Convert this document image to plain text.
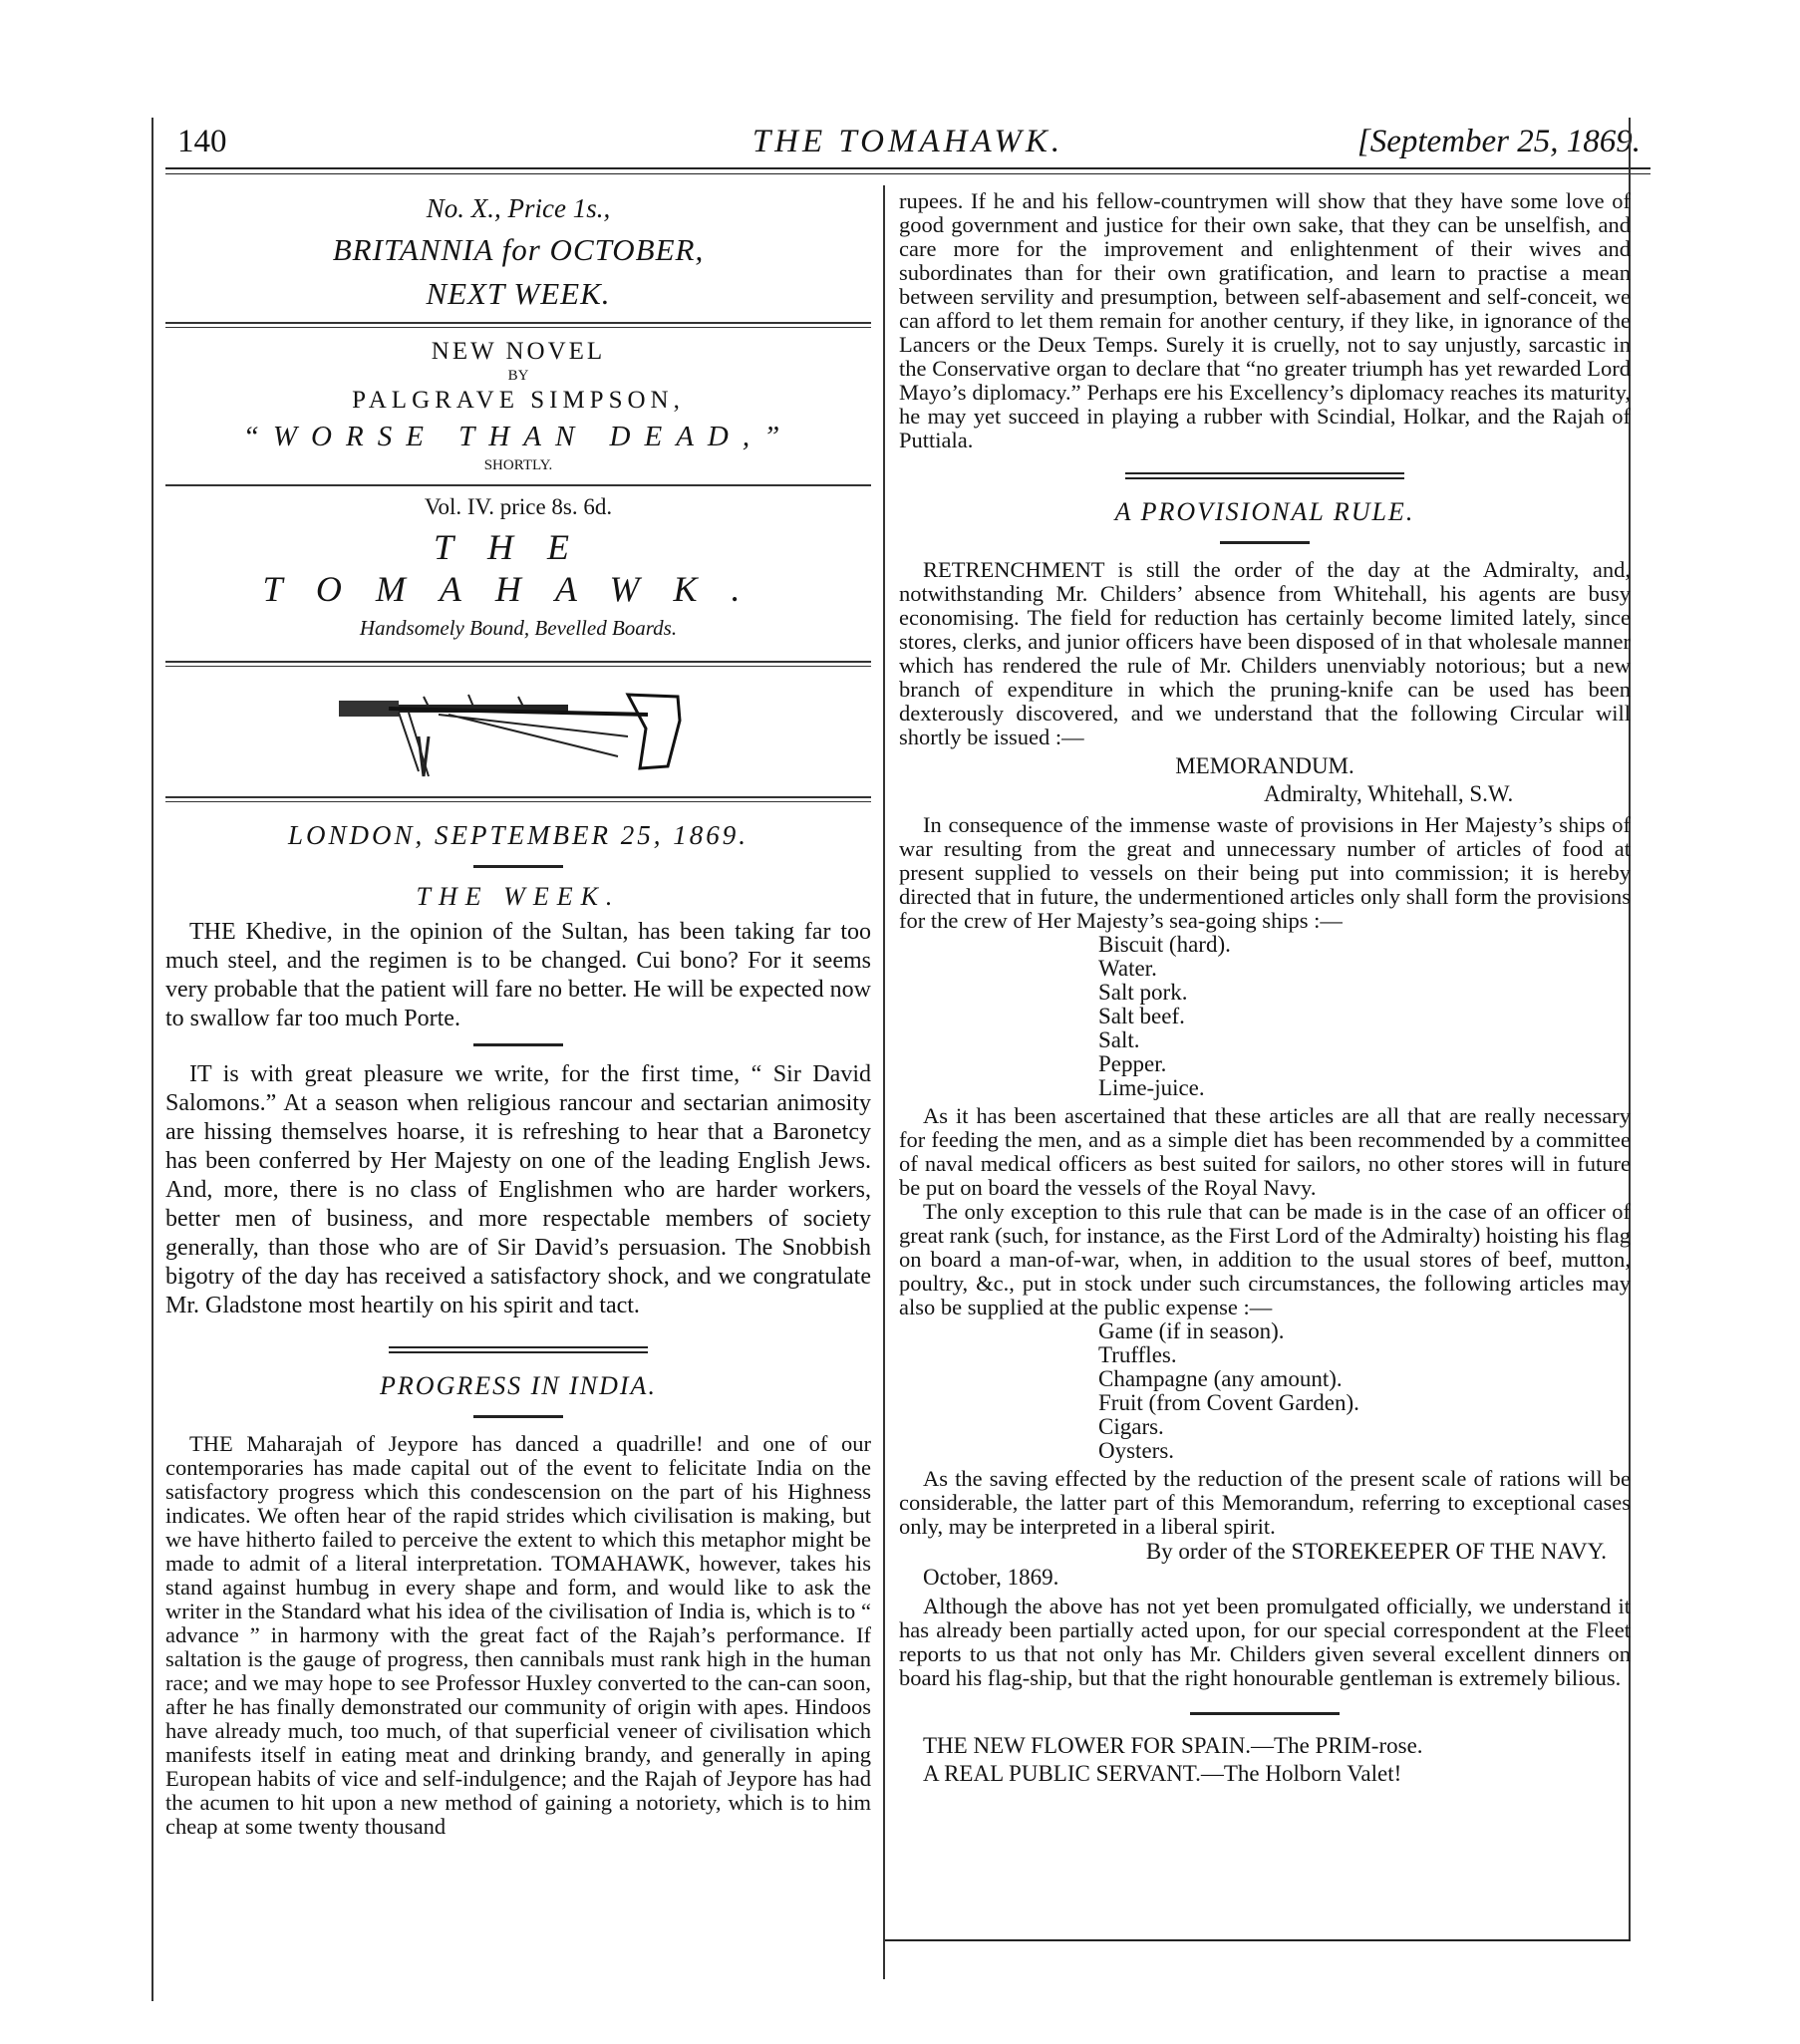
140	THE TOMAHAWK.	[September 25, 1869.
No. X., Price 1s.,
BRITANNIA for OCTOBER,
NEXT WEEK.
NEW NOVEL
BY
PALGRAVE SIMPSON,
“WORSE THAN DEAD,”
SHORTLY.
Vol. IV. price 8s. 6d.
THE TOMAHAWK.
Handsomely Bound, Bevelled Boards.
LONDON, SEPTEMBER 25, 1869.
THE WEEK.

THE Khedive, in the opinion of the Sultan, has been taking far too much steel, and the regimen is to be changed. Cui bono? For it seems very probable that the patient will fare no better. He will be expected now to swallow far too much Porte.

IT is with great pleasure we write, for the first time, “ Sir David Salomons.” At a season when religious rancour and sectarian animosity are hissing themselves hoarse, it is refreshing to hear that a Baronetcy has been conferred by Her Majesty on one of the leading English Jews. And, more, there is no class of Englishmen who are harder workers, better men of business, and more respectable members of society generally, than those who are of Sir David’s persuasion. The Snobbish bigotry of the day has received a satisfactory shock, and we congratulate Mr. Gladstone most heartily on his spirit and tact.

PROGRESS IN INDIA.

THE Maharajah of Jeypore has danced a quadrille! and one of our contemporaries has made capital out of the event to felicitate India on the satisfactory progress which this condescension on the part of his Highness indicates. We often hear of the rapid strides which civilisation is making, but we have hitherto failed to perceive the extent to which this metaphor might be made to admit of a literal interpretation. TOMAHAWK, however, takes his stand against humbug in every shape and form, and would like to ask the writer in the Standard what his idea of the civilisation of India is, which is to “ advance ” in harmony with the great fact of the Rajah’s performance. If saltation is the gauge of progress, then cannibals must rank high in the human race; and we may hope to see Professor Huxley converted to the can-can soon, after he has finally demonstrated our community of origin with apes. Hindoos have already much, too much, of that superficial veneer of civilisation which manifests itself in eating meat and drinking brandy, and generally in aping European habits of vice and self-indulgence; and the Rajah of Jeypore has had the acumen to hit upon a new method of gaining a notoriety, which is to him cheap at some twenty thousand

rupees. If he and his fellow-countrymen will show that they have some love of good government and justice for their own sake, that they can be unselfish, and care more for the improvement and enlightenment of their wives and subordinates than for their own gratification, and learn to practise a mean between servility and presumption, between self-abasement and self-conceit, we can afford to let them remain for another century, if they like, in ignorance of the Lancers or the Deux Temps. Surely it is cruelly, not to say unjustly, sarcastic in the Conservative organ to declare that “no greater triumph has yet rewarded Lord Mayo’s diplomacy.” Perhaps ere his Excellency’s diplomacy reaches its maturity, he may yet succeed in playing a rubber with Scindial, Holkar, and the Rajah of Puttiala.

A PROVISIONAL RULE.

RETRENCHMENT is still the order of the day at the Admiralty, and, notwithstanding Mr. Childers’ absence from Whitehall, his agents are busy economising. The field for reduction has certainly become limited lately, since stores, clerks, and junior officers have been disposed of in that wholesale manner which has rendered the rule of Mr. Childers unenviably notorious; but a new branch of expenditure in which the pruning-knife can be used has been dexterously discovered, and we understand that the following Circular will shortly be issued :—

MEMORANDUM.
Admiralty, Whitehall, S.W.

In consequence of the immense waste of provisions in Her Majesty’s ships of war resulting from the great and unnecessary number of articles of food at present supplied to vessels on their being put into commission; it is hereby directed that in future, the undermentioned articles only shall form the provisions for the crew of Her Majesty’s sea-going ships :—

Biscuit (hard).
Water.
Salt pork.
Salt beef.
Salt.
Pepper.
Lime-juice.

As it has been ascertained that these articles are all that are really necessary for feeding the men, and as a simple diet has been recommended by a committee of naval medical officers as best suited for sailors, no other stores will in future be put on board the vessels of the Royal Navy.

The only exception to this rule that can be made is in the case of an officer of great rank (such, for instance, as the First Lord of the Admiralty) hoisting his flag on board a man-of-war, when, in addition to the usual stores of beef, mutton, poultry, &c., put in stock under such circumstances, the following articles may also be supplied at the public expense :—

Game (if in season).
Truffles.
Champagne (any amount).
Fruit (from Covent Garden).
Cigars.
Oysters.

As the saving effected by the reduction of the present scale of rations will be considerable, the latter part of this Memorandum, referring to exceptional cases only, may be interpreted in a liberal spirit.

By order of the STOREKEEPER OF THE NAVY.
October, 1869.

Although the above has not yet been promulgated officially, we understand it has already been partially acted upon, for our special correspondent at the Fleet reports to us that not only has Mr. Childers given several excellent dinners on board his flag-ship, but that the right honourable gentleman is extremely bilious.

THE NEW FLOWER FOR SPAIN.—The PRIM-rose.
A REAL PUBLIC SERVANT.—The Holborn Valet!
